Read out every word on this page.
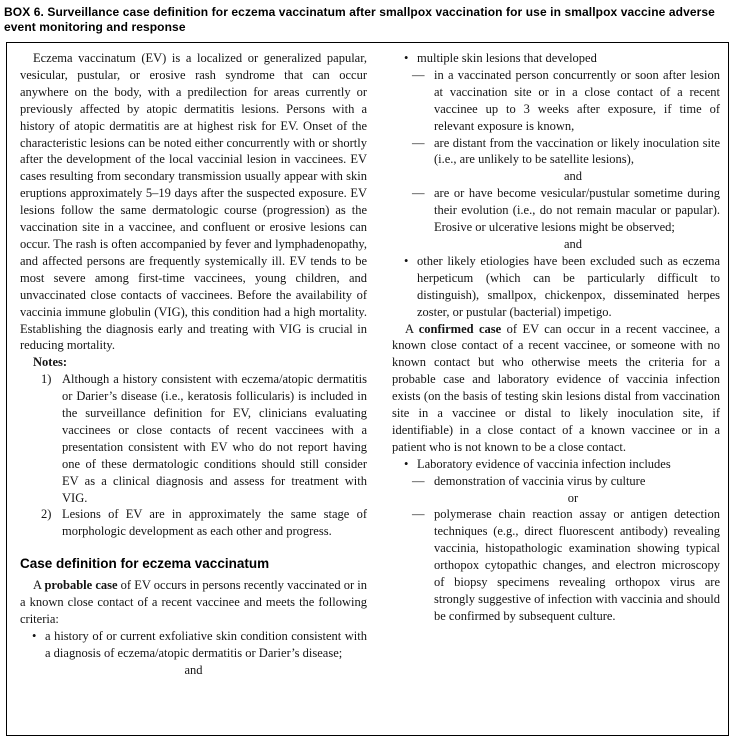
BOX 6. Surveillance case definition for eczema vaccinatum after smallpox vaccination for use in smallpox vaccine adverse event monitoring and response

Eczema vaccinatum (EV) is a localized or generalized papular, vesicular, pustular, or erosive rash syndrome that can occur anywhere on the body, with a predilection for areas currently or previously affected by atopic dermatitis lesions. Persons with a history of atopic dermatitis are at highest risk for EV. Onset of the characteristic lesions can be noted either concurrently with or shortly after the development of the local vaccinial lesion in vaccinees. EV cases resulting from secondary transmission usually appear with skin eruptions approximately 5–19 days after the suspected exposure. EV lesions follow the same dermatologic course (progression) as the vaccination site in a vaccinee, and confluent or erosive lesions can occur. The rash is often accompanied by fever and lymphadenopathy, and affected persons are frequently systemically ill. EV tends to be most severe among first-time vaccinees, young children, and unvaccinated close contacts of vaccinees. Before the availability of vaccinia immune globulin (VIG), this condition had a high mortality. Establishing the diagnosis early and treating with VIG is crucial in reducing mortality.

Notes:

1) Although a history consistent with eczema/atopic dermatitis or Darier’s disease (i.e., keratosis follicularis) is included in the surveillance definition for EV, clinicians evaluating vaccinees or close contacts of recent vaccinees with a presentation consistent with EV who do not report having one of these dermatologic conditions should still consider EV as a clinical diagnosis and assess for treatment with VIG.
2) Lesions of EV are in approximately the same stage of morphologic development as each other and progress.
Case definition for eczema vaccinatum

A probable case of EV occurs in persons recently vaccinated or in a known close contact of a recent vaccinee and meets the following criteria:

• a history of or current exfoliative skin condition consistent with a diagnosis of eczema/atopic dermatitis or Darier’s disease;
and
• multiple skin lesions that developed
— in a vaccinated person concurrently or soon after lesion at vaccination site or in a close contact of a recent vaccinee up to 3 weeks after exposure, if time of relevant exposure is known,
— are distant from the vaccination or likely inoculation site (i.e., are unlikely to be satellite lesions),
and
— are or have become vesicular/pustular sometime during their evolution (i.e., do not remain macular or papular). Erosive or ulcerative lesions might be observed;
and
• other likely etiologies have been excluded such as eczema herpeticum (which can be particularly difficult to distinguish), smallpox, chickenpox, disseminated herpes zoster, or pustular (bacterial) impetigo.

A confirmed case of EV can occur in a recent vaccinee, a known close contact of a recent vaccinee, or someone with no known contact but who otherwise meets the criteria for a probable case and laboratory evidence of vaccinia infection exists (on the basis of testing skin lesions distal from vaccination site in a vaccinee or distal to likely inoculation site, if identifiable) in a close contact of a known vaccinee or in a patient who is not known to be a close contact.

• Laboratory evidence of vaccinia infection includes
— demonstration of vaccinia virus by culture
or
— polymerase chain reaction assay or antigen detection techniques (e.g., direct fluorescent antibody) revealing vaccinia, histopathologic examination showing typical orthopox cytopathic changes, and electron microscopy of biopsy specimens revealing orthopox virus are strongly suggestive of infection with vaccinia and should be confirmed by subsequent culture.
